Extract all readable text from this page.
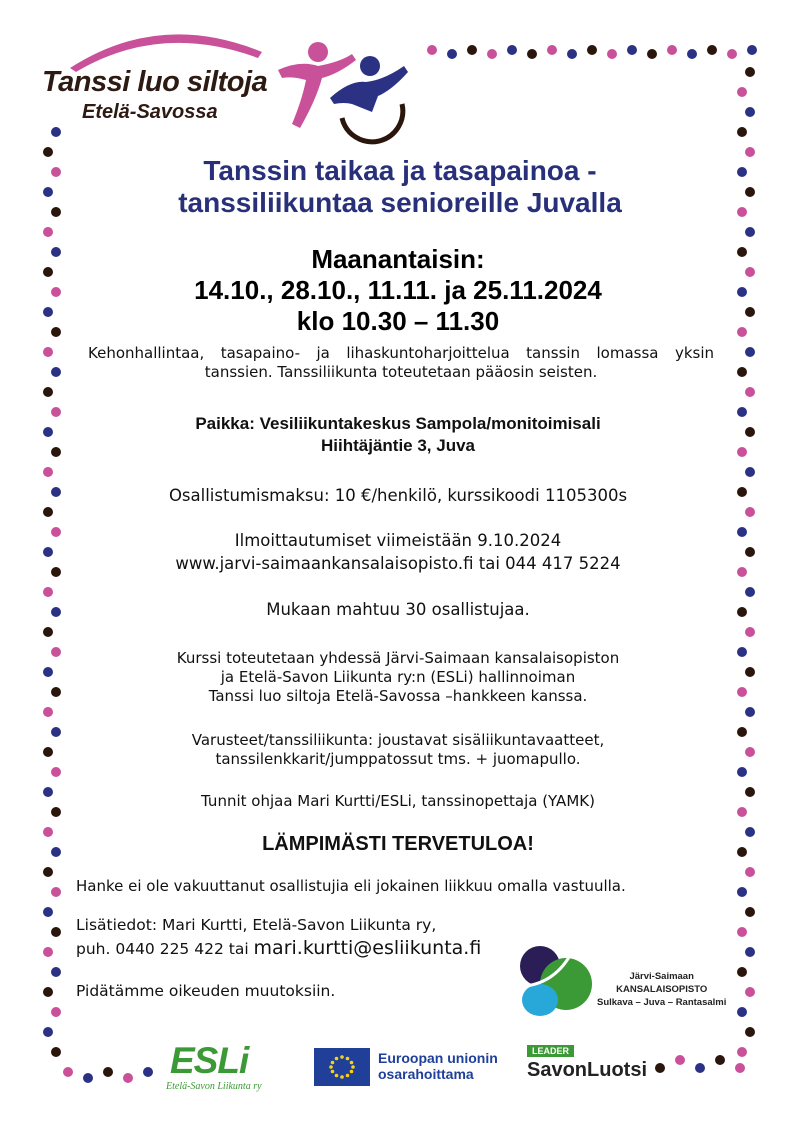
Tanssi luo siltoja
Etelä-Savossa
Tanssin taikaa ja tasapainoa -
tanssiliikuntaa senioreille Juvalla
Maanantaisin:
14.10., 28.10., 11.11. ja 25.11.2024
klo 10.30 – 11.30
Kehonhallintaa, tasapaino- ja lihaskuntoharjoittelua tanssin lomassa yksin tanssien. Tanssiliikunta toteutetaan pääosin seisten.
Paikka: Vesiliikuntakeskus Sampola/monitoimisali
Hiihtäjäntie 3, Juva
Osallistumismaksu: 10 €/henkilö, kurssikoodi 1105300s
Ilmoittautumiset viimeistään 9.10.2024
www.jarvi-saimaankansalaisopisto.fi tai 044 417 5224
Mukaan mahtuu 30 osallistujaa.
Kurssi toteutetaan yhdessä Järvi-Saimaan kansalaisopiston
ja Etelä-Savon Liikunta ry:n (ESLi) hallinnoiman
Tanssi luo siltoja Etelä-Savossa –hankkeen kanssa.
Varusteet/tanssiliikunta: joustavat sisäliikuntavaatteet,
tanssilenkkarit/jumppatossut tms. + juomapullo.
Tunnit ohjaa Mari Kurtti/ESLi, tanssinopettaja (YAMK)
LÄMPIMÄSTI TERVETULOA!
Hanke ei ole vakuuttanut osallistujia eli jokainen liikkuu omalla vastuulla.
Lisätiedot: Mari Kurtti, Etelä-Savon Liikunta ry,
puh. 0440 225 422 tai mari.kurtti@esliikunta.fi
Pidätämme oikeuden muutoksiin.
Järvi-Saimaan
KANSALAISOPISTO
Sulkava – Juva – Rantasalmi
ESLi
Etelä-Savon Liikunta ry
Euroopan unionin
osarahoittama
LEADER
SavonLuotsi
